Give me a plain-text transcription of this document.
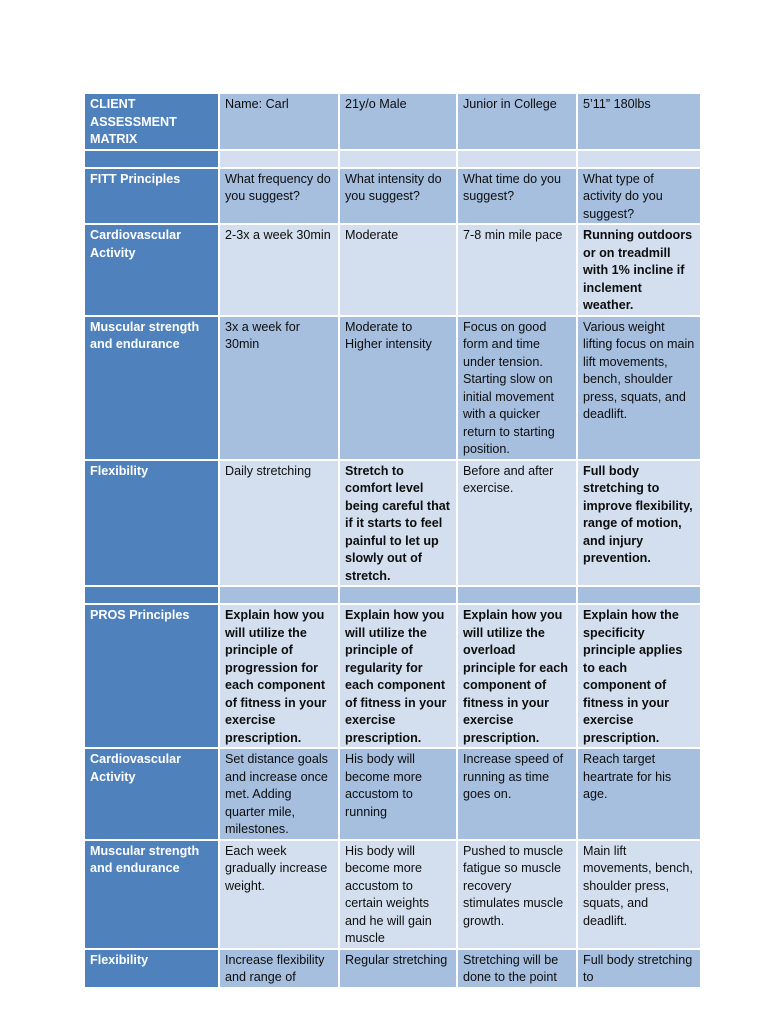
CLIENT ASSESSMENT MATRIX	Name: Carl	21y/o Male	Junior in College	5’11” 180lbs

FITT Principles	What frequency do you suggest?	What intensity do you suggest?	What time do you suggest?	What type of activity do you suggest?
Cardiovascular Activity	2-3x a week 30min	Moderate	7-8 min mile pace	Running outdoors or on treadmill with 1% incline if inclement weather.
Muscular strength and endurance	3x a week for 30min	Moderate to Higher intensity	Focus on good form and time under tension. Starting slow on initial movement with a quicker return to starting position.	Various weight lifting focus on main lift movements, bench, shoulder press, squats, and deadlift.
Flexibility	Daily stretching	Stretch to comfort level being careful that if it starts to feel painful to let up slowly out of stretch.	Before and after exercise.	Full body stretching to improve flexibility, range of motion, and injury prevention.

PROS Principles	Explain how you will utilize the principle of progression for each component of fitness in your exercise prescription.	Explain how you will utilize the principle of regularity for each component of fitness in your exercise prescription.	Explain how you will utilize the overload principle for each component of fitness in your exercise prescription.	Explain how the specificity principle applies to each component of fitness in your exercise prescription.
Cardiovascular Activity	Set distance goals and increase once met. Adding quarter mile, milestones.	His body will become more accustom to running	Increase speed of running as time goes on.	Reach target heartrate for his age.
Muscular strength and endurance	Each week gradually increase weight.	His body will become more accustom to certain weights and he will gain muscle	Pushed to muscle fatigue so muscle recovery stimulates muscle growth.	Main lift movements, bench, shoulder press, squats, and deadlift.
Flexibility	Increase flexibility and range of	Regular stretching	Stretching will be done to the point	Full body stretching to
